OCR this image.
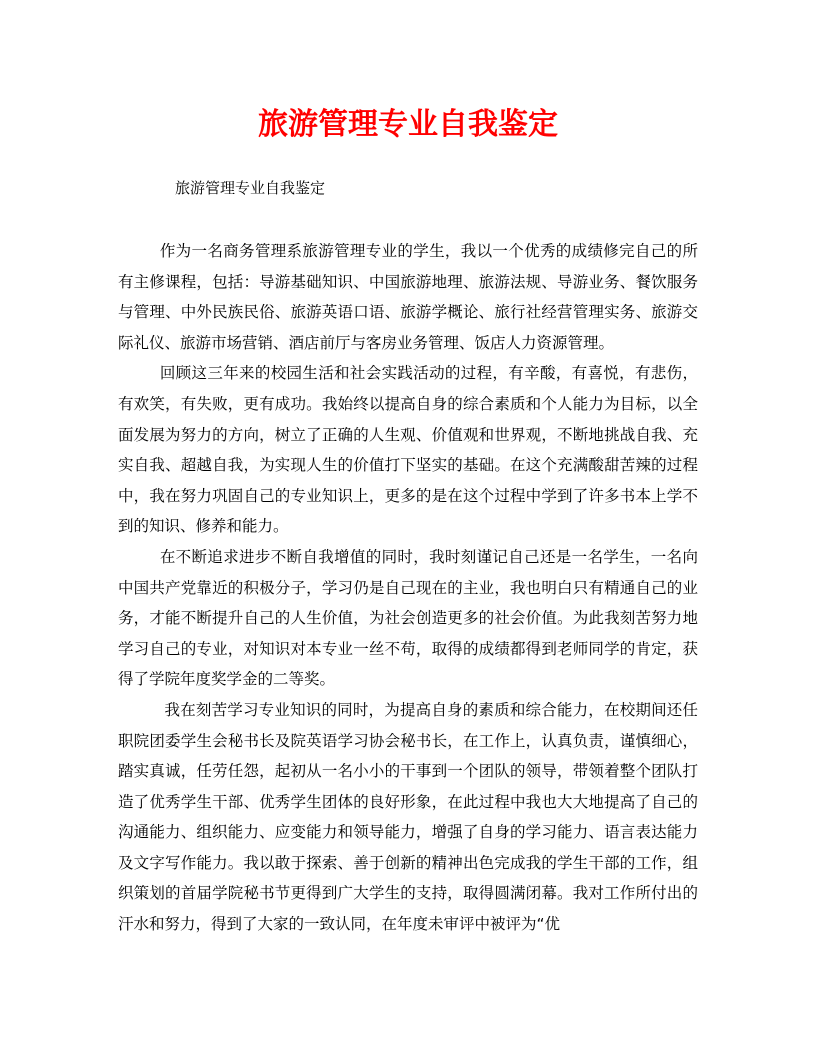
旅游管理专业自我鉴定

旅游管理专业自我鉴定

作为一名商务管理系旅游管理专业的学生，我以一个优秀的成绩修完自己的所有主修课程，包括：导游基础知识、中国旅游地理、旅游法规、导游业务、餐饮服务与管理、中外民族民俗、旅游英语口语、旅游学概论、旅行社经营管理实务、旅游交际礼仪、旅游市场营销、酒店前厅与客房业务管理、饭店人力资源管理。

回顾这三年来的校园生活和社会实践活动的过程，有辛酸，有喜悦，有悲伤，有欢笑，有失败，更有成功。我始终以提高自身的综合素质和个人能力为目标，以全面发展为努力的方向，树立了正确的人生观、价值观和世界观，不断地挑战自我、充实自我、超越自我，为实现人生的价值打下坚实的基础。在这个充满酸甜苦辣的过程中，我在努力巩固自己的专业知识上，更多的是在这个过程中学到了许多书本上学不到的知识、修养和能力。

在不断追求进步不断自我增值的同时，我时刻谨记自己还是一名学生，一名向中国共产党靠近的积极分子，学习仍是自己现在的主业，我也明白只有精通自己的业务，才能不断提升自己的人生价值，为社会创造更多的社会价值。为此我刻苦努力地学习自己的专业，对知识对本专业一丝不苟，取得的成绩都得到老师同学的肯定，获得了学院年度奖学金的二等奖。

我在刻苦学习专业知识的同时，为提高自身的素质和综合能力，在校期间还任职院团委学生会秘书长及院英语学习协会秘书长，在工作上，认真负责，谨慎细心，踏实真诚，任劳任怨，起初从一名小小的干事到一个团队的领导，带领着整个团队打造了优秀学生干部、优秀学生团体的良好形象，在此过程中我也大大地提高了自己的沟通能力、组织能力、应变能力和领导能力，增强了自身的学习能力、语言表达能力及文字写作能力。我以敢于探索、善于创新的精神出色完成我的学生干部的工作，组织策划的首届学院秘书节更得到广大学生的支持，取得圆满闭幕。我对工作所付出的汗水和努力，得到了大家的一致认同，在年度未审评中被评为“优
